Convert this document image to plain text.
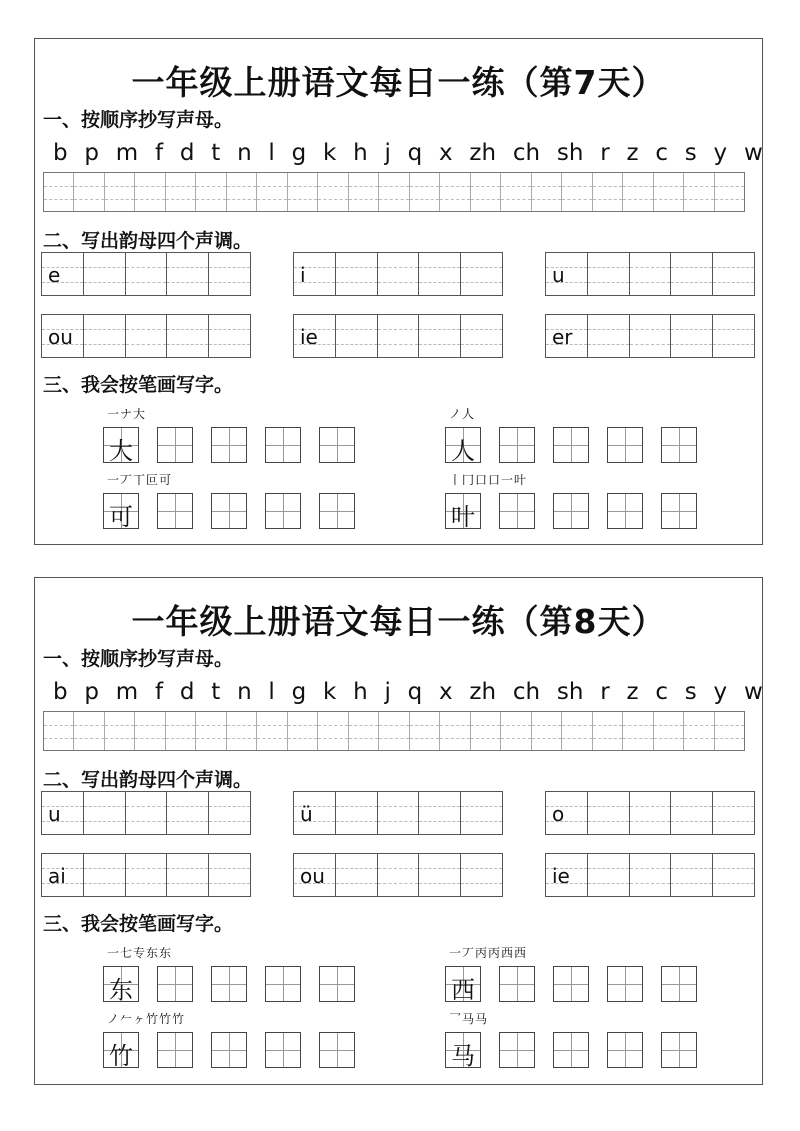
一年级上册语文每日一练（第7天）
一、按顺序抄写声母。
b p m f d t n l g k h j q x zh ch sh r z c s y w
二、写出韵母四个声调。
e	i	u
ou	ie	er
三、我会按笔画写字。
一ナ大
大
ノ人
人
一丆丅叵可
可
丨冂口口一叶
叶
一年级上册语文每日一练（第8天）
一、按顺序抄写声母。
b p m f d t n l g k h j q x zh ch sh r z c s y w
二、写出韵母四个声调。
u	ü	o
ai	ou	ie
三、我会按笔画写字。
一七专东东
东
一丆丙丙西西
西
ノ𠂉ヶ竹竹竹
竹
乛马马
马
